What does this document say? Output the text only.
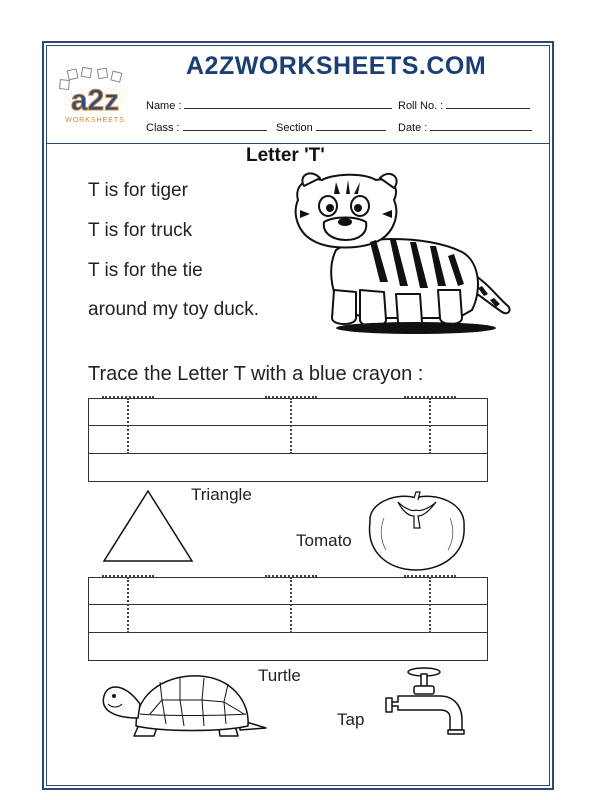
a2z
WORKSHEETS
A2ZWORKSHEETS.COM
Name :	Roll No. :
Class :	Section	Date :
Letter 'T'
T is for tiger
T is for truck
T is for the tie
around my toy duck.
Trace the Letter T with a blue crayon :
Triangle
Tomato
Turtle
Tap
